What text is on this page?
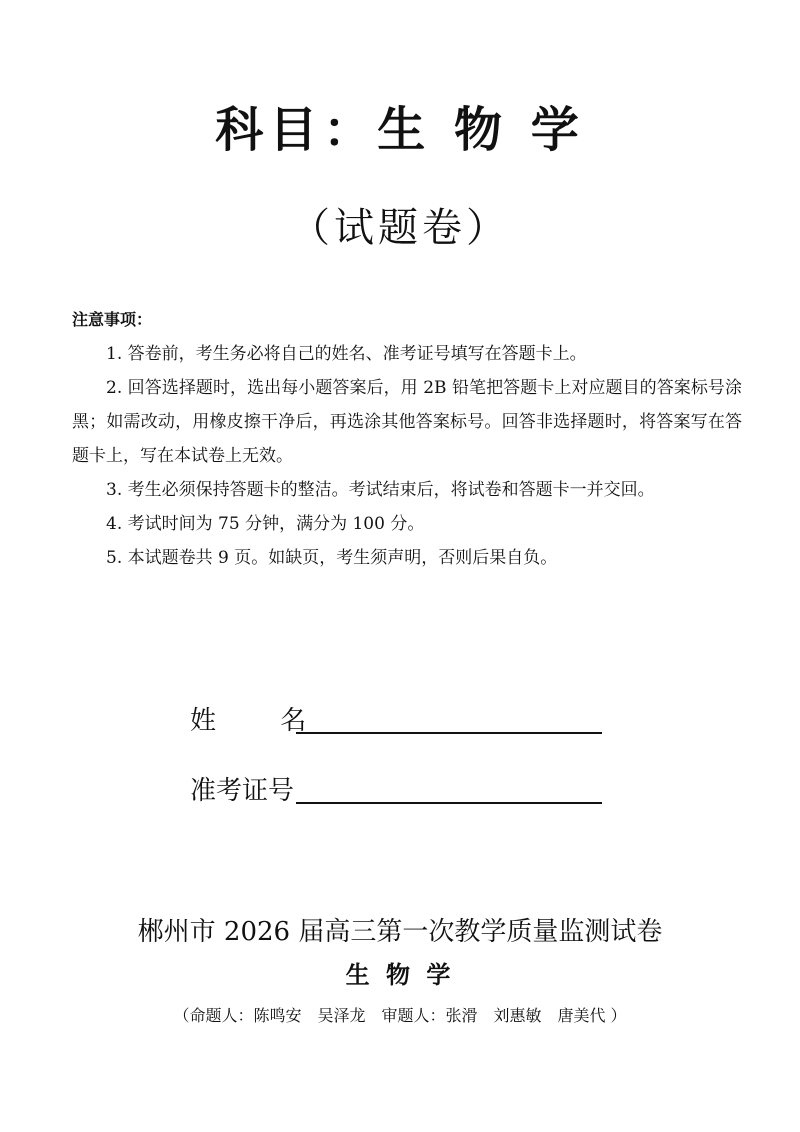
科目：生 物 学
（试题卷）
注意事项：
1. 答卷前，考生务必将自己的姓名、准考证号填写在答题卡上。
2. 回答选择题时，选出每小题答案后，用 2B 铅笔把答题卡上对应题目的答案标号涂黑；如需改动，用橡皮擦干净后，再选涂其他答案标号。回答非选择题时，将答案写在答题卡上，写在本试卷上无效。
3. 考生必须保持答题卡的整洁。考试结束后，将试卷和答题卡一并交回。
4. 考试时间为 75 分钟，满分为 100 分。
5. 本试题卷共 9 页。如缺页，考生须声明，否则后果自负。
姓 名
准考证号
郴州市 2026 届高三第一次教学质量监测试卷
生 物 学
（命题人：陈鸣安　吴泽龙　审题人：张滑　刘惠敏　唐美代 ）
